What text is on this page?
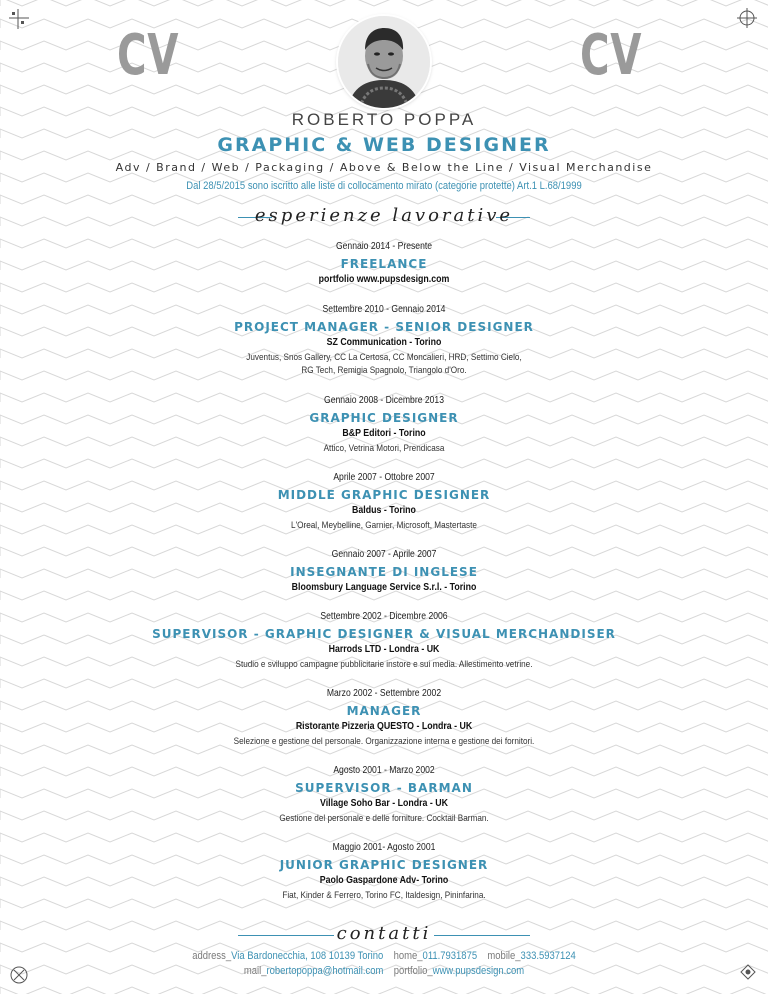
CV	CV
ROBERTO POPPA
GRAPHIC & WEB DESIGNER
Adv / Brand / Web / Packaging / Above & Below the Line / Visual Merchandise
Dal 28/5/2015 sono iscritto alle liste di collocamento mirato (categorie protette) Art.1 L.68/1999
esperienze lavorative
Gennaio 2014 - Presente
FREELANCE
portfolio www.pupsdesign.com
Settembre 2010 - Gennaio 2014
PROJECT MANAGER - SENIOR DESIGNER
SZ Communication - Torino
Juventus, Snos Gallery, CC La Certosa, CC Moncalieri, HRD, Settimo Cielo,
RG Tech, Remigia Spagnolo, Triangolo d'Oro.
Gennaio 2008 - Dicembre 2013
GRAPHIC DESIGNER
B&P Editori - Torino
Attico, Vetrina Motori, Prendicasa
Aprile 2007 - Ottobre 2007
MIDDLE GRAPHIC DESIGNER
Baldus - Torino
L'Oreal, Meybelline, Garnier, Microsoft, Mastertaste
Gennaio 2007 - Aprile 2007
INSEGNANTE DI INGLESE
Bloomsbury Language Service S.r.l. - Torino
Settembre 2002 - Dicembre 2006
SUPERVISOR - GRAPHIC DESIGNER & VISUAL MERCHANDISER
Harrods LTD - Londra - UK
Studio e sviluppo campagne pubblicitarie instore e sui media. Allestimento vetrine.
Marzo 2002 - Settembre 2002
MANAGER
Ristorante Pizzeria QUESTO - Londra - UK
Selezione e gestione del personale. Organizzazione interna e gestione dei fornitori.
Agosto 2001 - Marzo 2002
SUPERVISOR - BARMAN
Village Soho Bar - Londra - UK
Gestione del personale e delle forniture. Cocktail Barman.
Maggio 2001- Agosto 2001
JUNIOR GRAPHIC DESIGNER
Paolo Gaspardone Adv- Torino
Fiat, Kinder & Ferrero, Torino FC, Italdesign, Pininfarina.
contatti
address_Via Bardonecchia, 108 10139 Torino home_011.7931875 mobile_333.5937124
mail_robertopoppa@hotmail.com portfolio_www.pupsdesign.com
